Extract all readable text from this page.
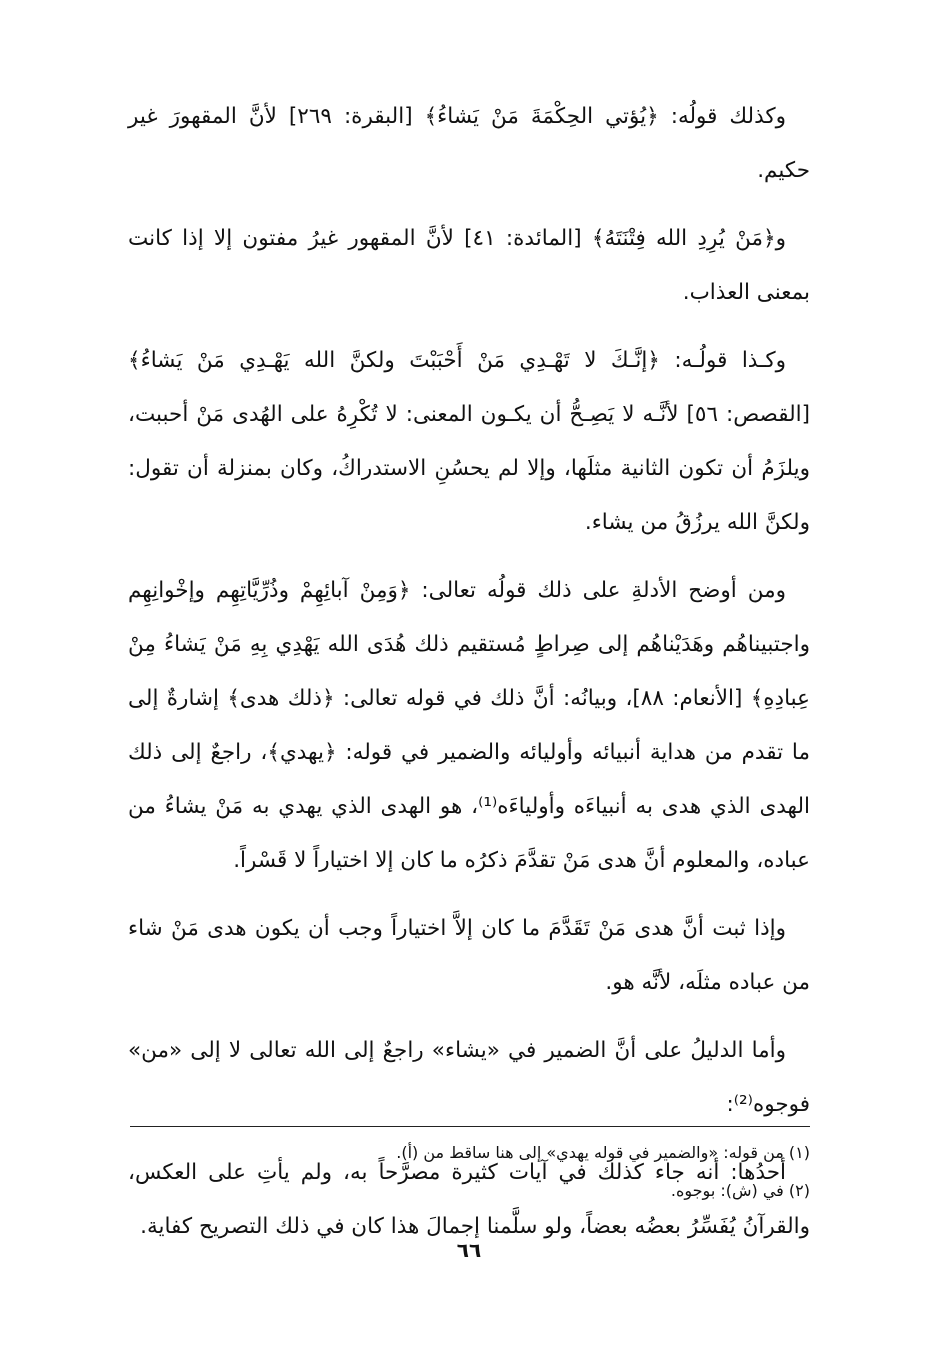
وكذلك قولُه: ﴿يُؤتي الحِكْمَةَ مَنْ يَشاءُ﴾ [البقرة: ٢٦٩] لأنَّ المقهورَ غير حكيم.

و﴿مَنْ يُرِدِ الله فِتْنَتَهُ﴾ [المائدة: ٤١] لأنَّ المقهور غيرُ مفتون إلا إذا كانت بمعنى العذاب.

وكـذا قولُـه: ﴿إنَّـكَ لا تَهْـدِي مَنْ أَحْبَبْتَ ولكنَّ الله يَهْـدِي مَنْ يَشاءُ﴾ [القصص: ٥٦] لأنَّـه لا يَصِـحُّ أن يكـون المعنى: لا تُكْرِهُ على الهُدى مَنْ أحببت، ويلزَمُ أن تكون الثانية مثلَها، وإلا لم يحسُنِ الاستدراكُ، وكان بمنزلة أن تقول: ولكنَّ الله يرزُقُ من يشاء.

ومن أوضح الأدلةِ على ذلك قولُه تعالى: ﴿وَمِنْ آبائِهِمْ وذُرِّيَّاتِهِم وإخْوانِهِم واجتبيناهُم وهَدَيْناهُم إلى صِراطٍ مُستقيم ذلك هُدَى الله يَهْدِي بِهِ مَنْ يَشاءُ مِنْ عِبادِهِ﴾ [الأنعام: ٨٨]، وبيانُه: أنَّ ذلك في قوله تعالى: ﴿ذلك هدى﴾ إشارةٌ إلى ما تقدم من هداية أنبيائه وأوليائه والضمير في قوله: ﴿يهدي﴾، راجعٌ إلى ذلك الهدى الذي هدى به أنبياءَه وأولياءَه⁽¹⁾، هو الهدى الذي يهدي به مَنْ يشاءُ من عباده، والمعلوم أنَّ هدى مَنْ تقدَّمَ ذكرُه ما كان إلا اختياراً لا قَسْراً.

وإذا ثبت أنَّ هدى مَنْ تَقَدَّمَ ما كان إلاَّ اختياراً وجب أن يكون هدى مَنْ شاء من عباده مثلَه، لأنَّه هو.

وأما الدليلُ على أنَّ الضمير في «يشاء» راجعٌ إلى الله تعالى لا إلى «من» فوجوه⁽²⁾:

أحدُها: أنه جاء كذلك في آيات كثيرة مصرَّحاً به، ولم يأتِ على العكس، والقرآنُ يُفَسِّرُ بعضُه بعضاً، ولو سلَّمنا إجمالَ هذا كان في ذلك التصريح كفاية.

(١) من قوله: «والضمير في قوله يهدي» إلى هنا ساقط من (أ).

(٢) في (ش): بوجوه.

٦٦
